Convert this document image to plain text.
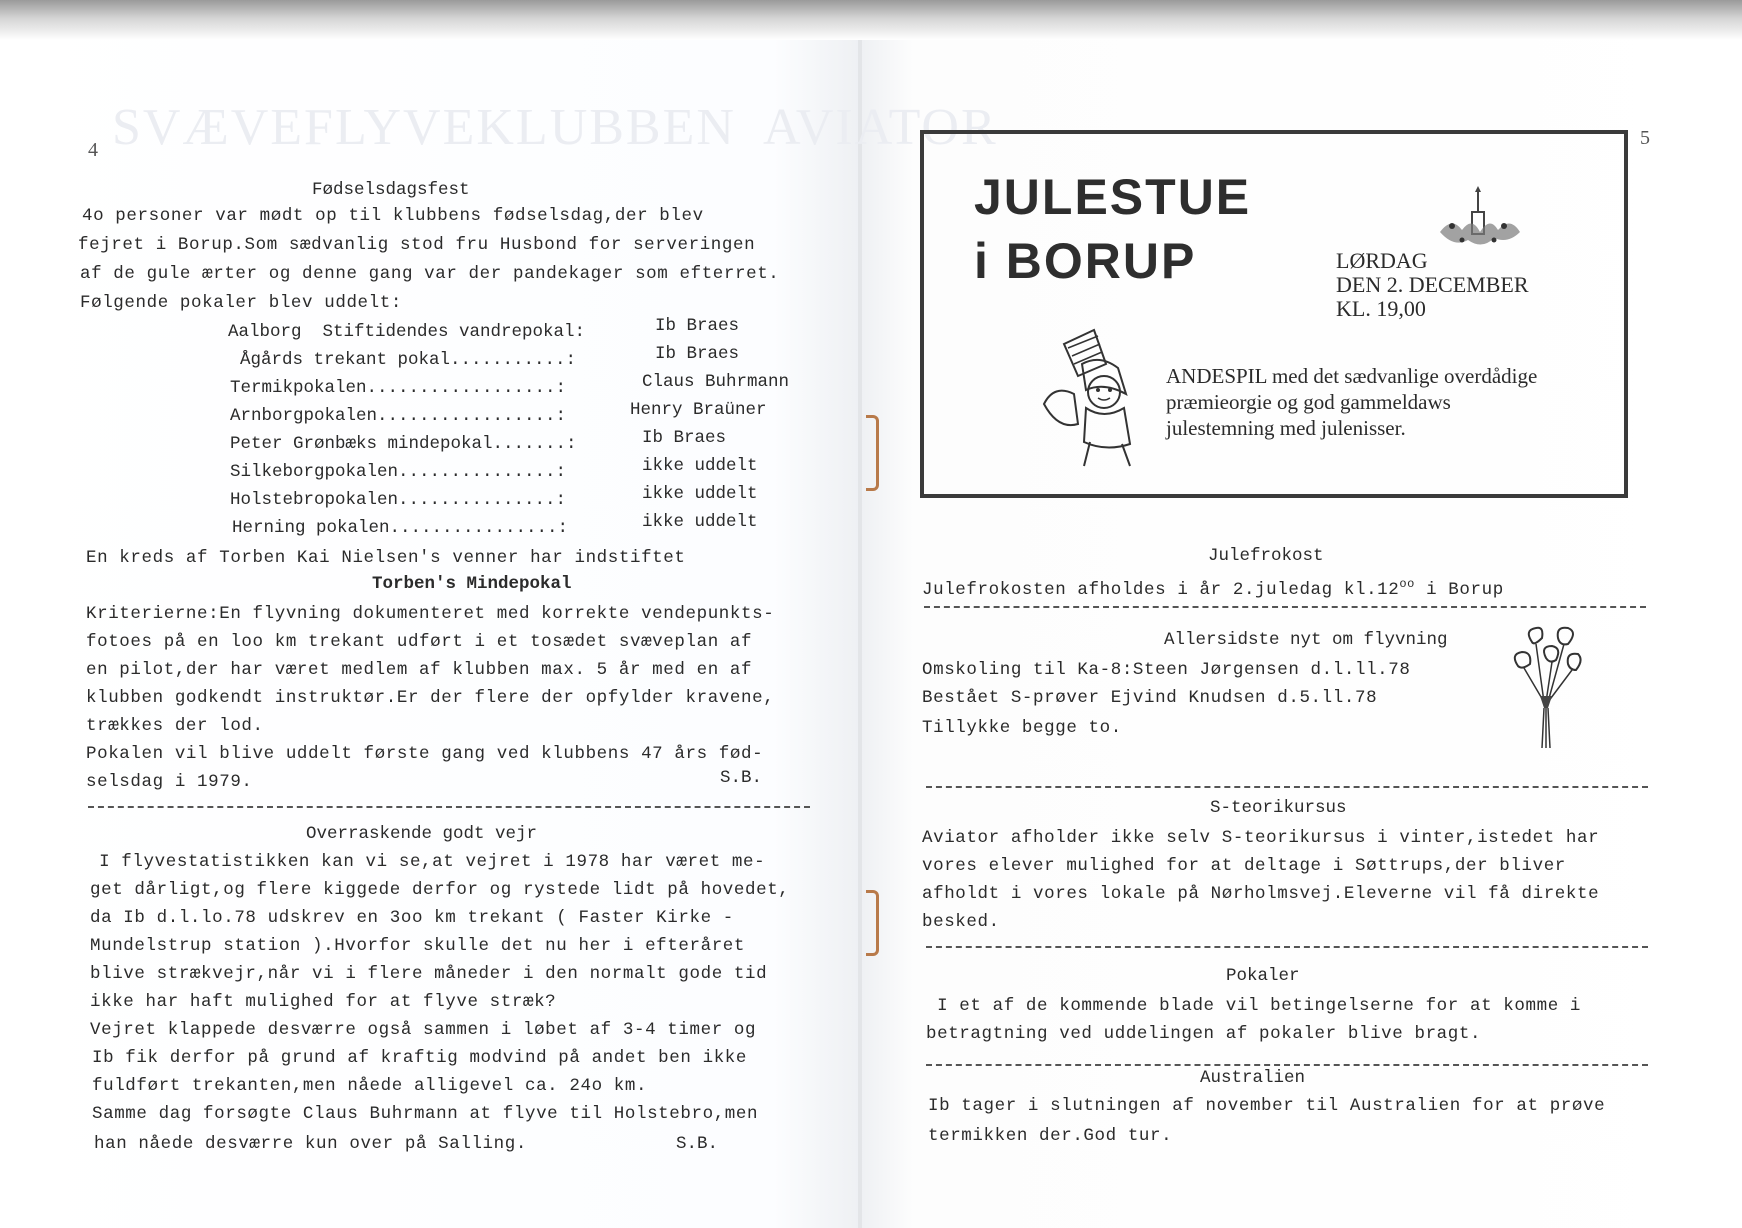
SVÆVEFLYVEKLUBBEN  AVIATOR
4
Fødselsdagsfest
4o personer var mødt op til klubbens fødselsdag,der blev
fejret i Borup.Som sædvanlig stod fru Husbond for serveringen
af de gule ærter og denne gang var der pandekager som efterret.
Følgende pokaler blev uddelt:
Aalborg  Stiftidendes vandrepokal:	Ib Braes
Ågårds trekant pokal...........:	Ib Braes
Termikpokalen..................:	Claus Buhrmann
Arnborgpokalen.................:	Henry Braüner
Peter Grønbæks mindepokal.......:	Ib Braes
Silkeborgpokalen...............:	ikke uddelt
Holstebropokalen...............:	ikke uddelt
Herning pokalen................:	ikke uddelt
En kreds af Torben Kai Nielsen's venner har indstiftet
Torben's Mindepokal
Kriterierne:En flyvning dokumenteret med korrekte vendepunkts-
fotoes på en loo km trekant udført i et tosædet svæveplan af
en pilot,der har været medlem af klubben max. 5 år med en af
klubben godkendt instruktør.Er der flere der opfylder kravene,
trækkes der lod.
Pokalen vil blive uddelt første gang ved klubbens 47 års fød-
selsdag i 1979.	S.B.
Overraskende godt vejr
I flyvestatistikken kan vi se,at vejret i 1978 har været me-
get dårligt,og flere kiggede derfor og rystede lidt på hovedet,
da Ib d.l.lo.78 udskrev en 3oo km trekant ( Faster Kirke -
Mundelstrup station ).Hvorfor skulle det nu her i efteråret
blive strækvejr,når vi i flere måneder i den normalt gode tid
ikke har haft mulighed for at flyve stræk?
Vejret klappede desværre også sammen i løbet af 3-4 timer og
Ib fik derfor på grund af kraftig modvind på andet ben ikke
fuldført trekanten,men nåede alligevel ca. 24o km.
Samme dag forsøgte Claus Buhrmann at flyve til Holstebro,men
han nåede desværre kun over på Salling.	S.B.
5
JULESTUE
i BORUP	LØRDAG
DEN 2. DECEMBER
KL. 19,00
ANDESPIL med det sædvanlige overdådige
præmieorgie og god gammeldaws
julestemning med julenisser.
Julefrokost
Julefrokosten afholdes i år 2.juledag $kl.12^{oo}$ i Borup
Allersidste nyt om flyvning
Omskoling til Ka-8:Steen Jørgensen d.l.ll.78
Bestået S-prøver Ejvind Knudsen d.5.ll.78
Tillykke begge to.
S-teorikursus
Aviator afholder ikke selv S-teorikursus i vinter,istedet har
vores elever mulighed for at deltage i Søttrups,der bliver
afholdt i vores lokale på Nørholmsvej.Eleverne vil få direkte
besked.
Pokaler
I et af de kommende blade vil betingelserne for at komme i
betragtning ved uddelingen af pokaler blive bragt.
Australien
Ib tager i slutningen af november til Australien for at prøve
termikken der.God tur.
